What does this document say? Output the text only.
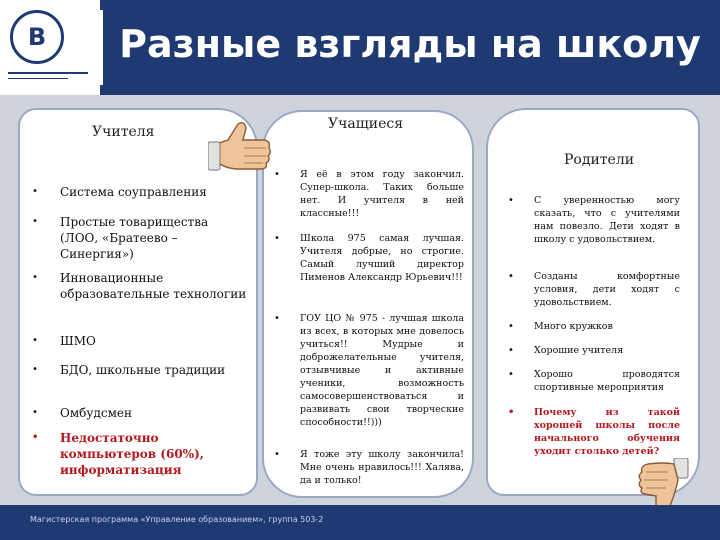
В	Разные взгляды на школу
Учителя
• Система соуправления
• Простые товарищества (ЛОО, «Братеево – Синергия»)
• Инновационные образовательные технологии
• ШМО
• БДО, школьные традиции
• Омбудсмен
• Недостаточно компьютеров (60%), информатизация
Учащиеся
• Я её в этом году закончил. Супер-школа. Таких больше нет. И учителя в ней классные!!!
• Школа 975 самая лучшая. Учителя добрые, но строгие. Самый лучший директор Пименов Александр Юрьевич!!!
• ГОУ ЦО № 975 - лучшая школа из всех, в которых мне довелось учиться!! Мудрые и доброжелательные учителя, отзывчивые и активные ученики, возможность самосовершенствоваться и развивать свои творческие способности!!)))
• Я тоже эту школу закончила! Мне очень нравилось!!! Халява, да и только!
Родители
• С уверенностью могу сказать, что с учителями нам повезло. Дети ходят в школу с удовольствием.
• Созданы комфортные условия, дети ходят с удовольствием.
• Много кружков
• Хорошие учителя
• Хорошо проводятся спортивные мероприятия
• Почему из такой хорошей школы после начального обучения уходит столько детей?
Магистерская программа «Управление образованием», группа 503-2
